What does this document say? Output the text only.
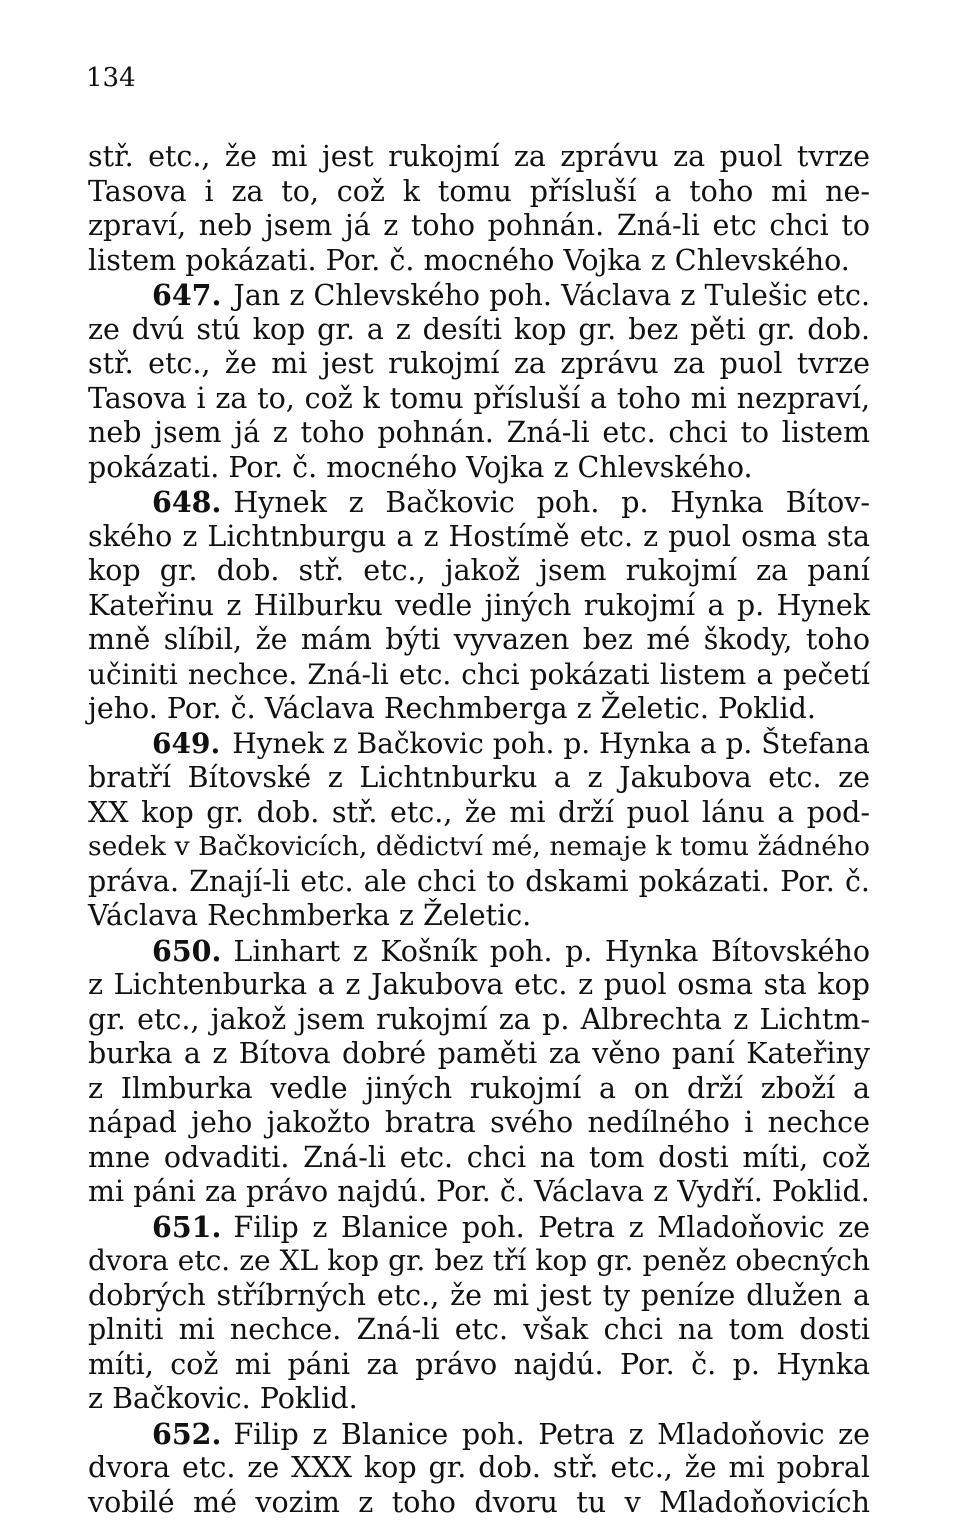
134
stř. etc., že mi jest rukojmí za zprávu za puol tvrze
Tasova i za to, což k tomu přísluší a toho mi ne-
zpraví, neb jsem já z toho pohnán. Zná-li etc chci to
listem pokázati. Por. č. mocného Vojka z Chlevského.
647. Jan z Chlevského poh. Václava z Tulešic etc.
ze dvú stú kop gr. a z desíti kop gr. bez pěti gr. dob.
stř. etc., že mi jest rukojmí za zprávu za puol tvrze
Tasova i za to, což k tomu přísluší a toho mi nezpraví,
neb jsem já z toho pohnán. Zná-li etc. chci to listem
pokázati. Por. č. mocného Vojka z Chlevského.
648. Hynek z Bačkovic poh. p. Hynka Bítov-
ského z Lichtnburgu a z Hostímě etc. z puol osma sta
kop gr. dob. stř. etc., jakož jsem rukojmí za paní
Kateřinu z Hilburku vedle jiných rukojmí a p. Hynek
mně slíbil, že mám býti vyvazen bez mé škody, toho
učiniti nechce. Zná-li etc. chci pokázati listem a pečetí
jeho. Por. č. Václava Rechmberga z Želetic. Poklid.
649. Hynek z Bačkovic poh. p. Hynka a p. Štefana
bratří Bítovské z Lichtnburku a z Jakubova etc. ze
XX kop gr. dob. stř. etc., že mi drží puol lánu a pod-
sedek v Bačkovicích, dědictví mé, nemaje k tomu žádného
práva. Znají-li etc. ale chci to dskami pokázati. Por. č.
Václava Rechmberka z Želetic.
650. Linhart z Košník poh. p. Hynka Bítovského
z Lichtenburka a z Jakubova etc. z puol osma sta kop
gr. etc., jakož jsem rukojmí za p. Albrechta z Lichtm-
burka a z Bítova dobré paměti za věno paní Kateřiny
z Ilmburka vedle jiných rukojmí a on drží zboží a
nápad jeho jakožto bratra svého nedílného i nechce
mne odvaditi. Zná-li etc. chci na tom dosti míti, což
mi páni za právo najdú. Por. č. Václava z Vydří. Poklid.
651. Filip z Blanice poh. Petra z Mladoňovic ze
dvora etc. ze XL kop gr. bez tří kop gr. peněz obecných
dobrých stříbrných etc., že mi jest ty peníze dlužen a
plniti mi nechce. Zná-li etc. však chci na tom dosti
míti, což mi páni za právo najdú. Por. č. p. Hynka
z Bačkovic. Poklid.
652. Filip z Blanice poh. Petra z Mladoňovic ze
dvora etc. ze XXX kop gr. dob. stř. etc., že mi pobral
vobilé mé vozim z toho dvoru tu v Mladoňovicích
